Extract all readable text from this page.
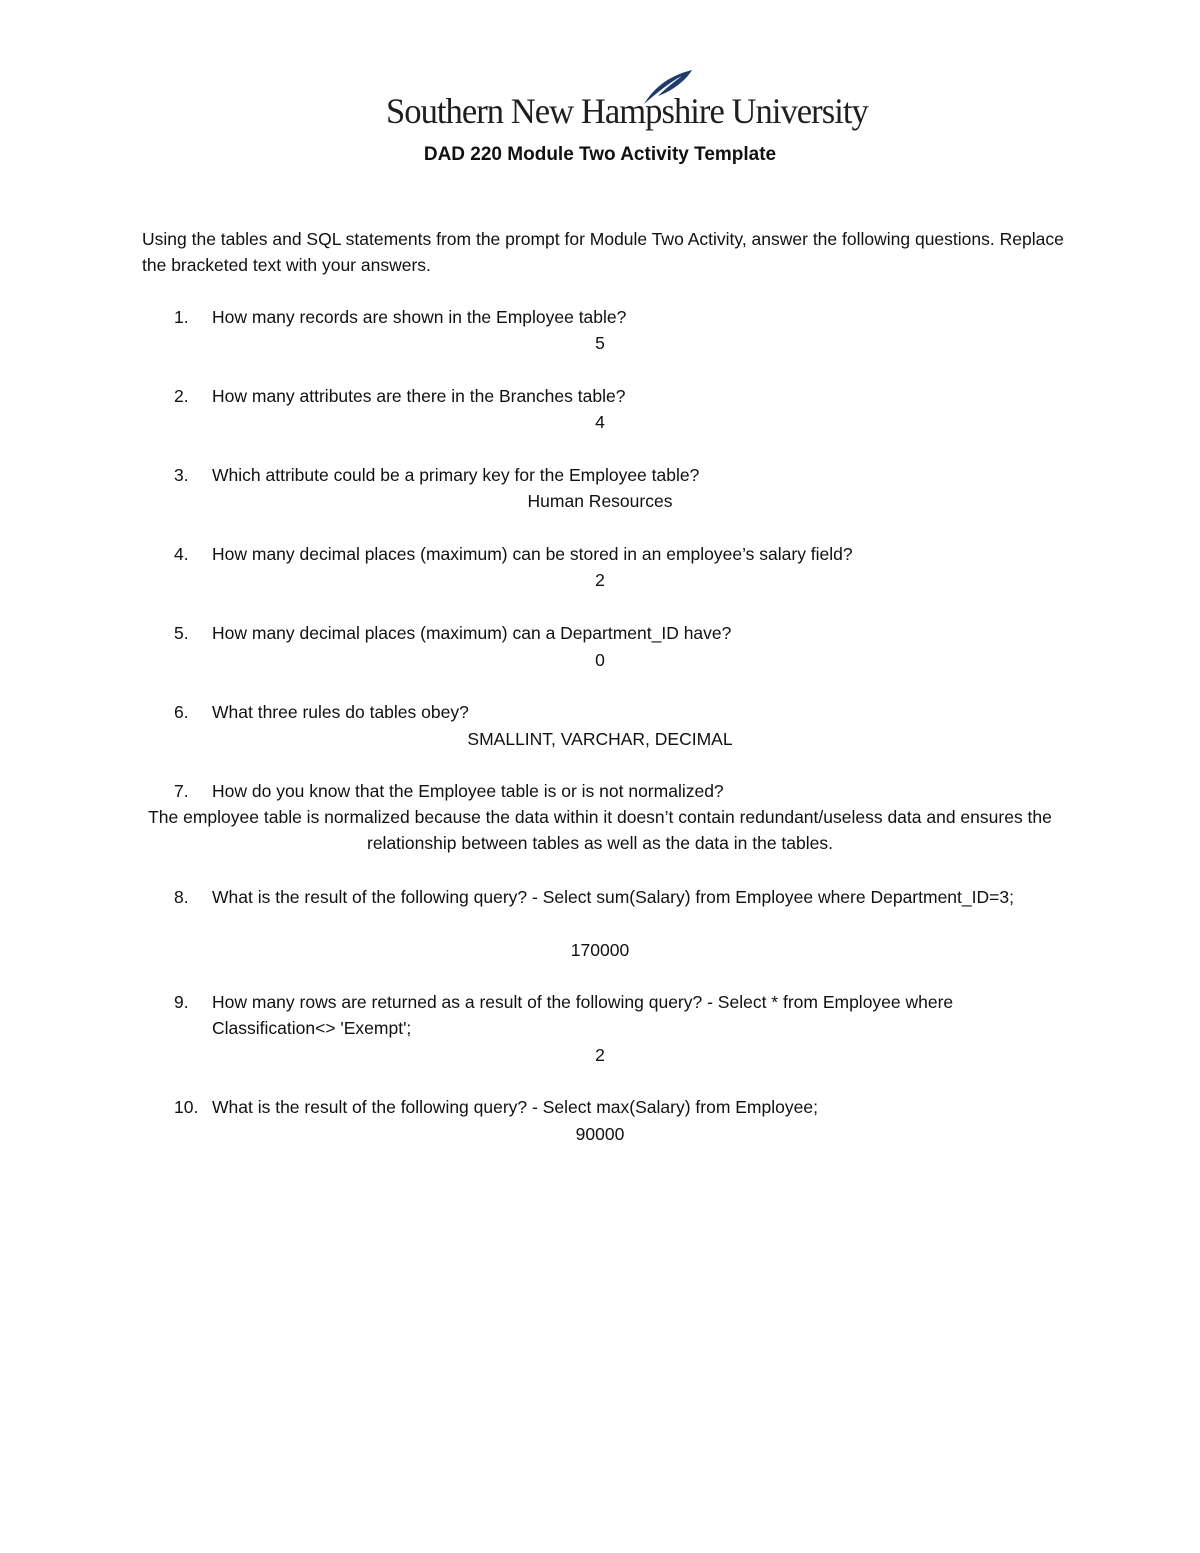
Southern New Hampshire University
DAD 220 Module Two Activity Template
Using the tables and SQL statements from the prompt for Module Two Activity, answer the following questions. Replace the bracketed text with your answers.
1.	How many records are shown in the Employee table?
5
2.	How many attributes are there in the Branches table?
4
3.	Which attribute could be a primary key for the Employee table?
Human Resources
4.	How many decimal places (maximum) can be stored in an employee’s salary field?
2
5.	How many decimal places (maximum) can a Department_ID have?
0
6.	What three rules do tables obey?
SMALLINT, VARCHAR, DECIMAL
7.	How do you know that the Employee table is or is not normalized?
The employee table is normalized because the data within it doesn’t contain redundant/useless data and ensures the relationship between tables as well as the data in the tables.
8.	What is the result of the following query? - Select sum(Salary) from Employee where Department_ID=3;
170000
9.	How many rows are returned as a result of the following query? - Select * from Employee where Classification<> 'Exempt';
2
10. What is the result of the following query? - Select max(Salary) from Employee;
90000
